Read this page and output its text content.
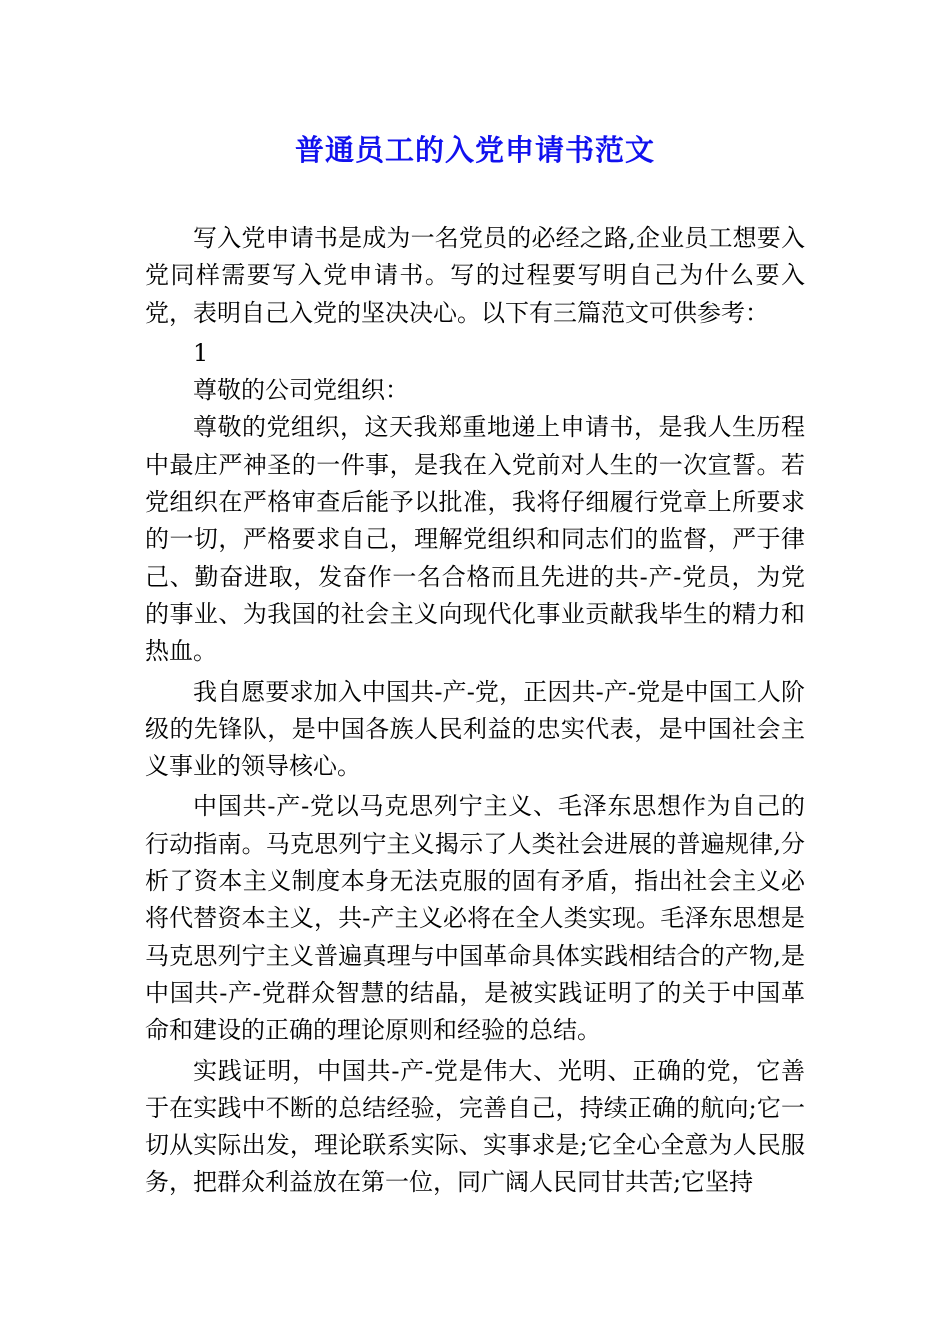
普通员工的入党申请书范文

写入党申请书是成为一名党员的必经之路,企业员工想要入党同样需要写入党申请书。写的过程要写明自己为什么要入党，表明自己入党的坚决决心。以下有三篇范文可供参考：

1

尊敬的公司党组织：

尊敬的党组织，这天我郑重地递上申请书，是我人生历程中最庄严神圣的一件事，是我在入党前对人生的一次宣誓。若党组织在严格审查后能予以批准，我将仔细履行党章上所要求的一切，严格要求自己，理解党组织和同志们的监督，严于律己、勤奋进取，发奋作一名合格而且先进的共-产-党员，为党的事业、为我国的社会主义向现代化事业贡献我毕生的精力和热血。

我自愿要求加入中国共-产-党，正因共-产-党是中国工人阶级的先锋队，是中国各族人民利益的忠实代表，是中国社会主义事业的领导核心。

中国共-产-党以马克思列宁主义、毛泽东思想作为自己的行动指南。马克思列宁主义揭示了人类社会进展的普遍规律,分析了资本主义制度本身无法克服的固有矛盾，指出社会主义必将代替资本主义，共-产主义必将在全人类实现。毛泽东思想是马克思列宁主义普遍真理与中国革命具体实践相结合的产物,是中国共-产-党群众智慧的结晶，是被实践证明了的关于中国革命和建设的正确的理论原则和经验的总结。

实践证明，中国共-产-党是伟大、光明、正确的党，它善于在实践中不断的总结经验，完善自己，持续正确的航向;它一切从实际出发，理论联系实际、实事求是;它全心全意为人民服务，把群众利益放在第一位，同广阔人民同甘共苦;它坚持
